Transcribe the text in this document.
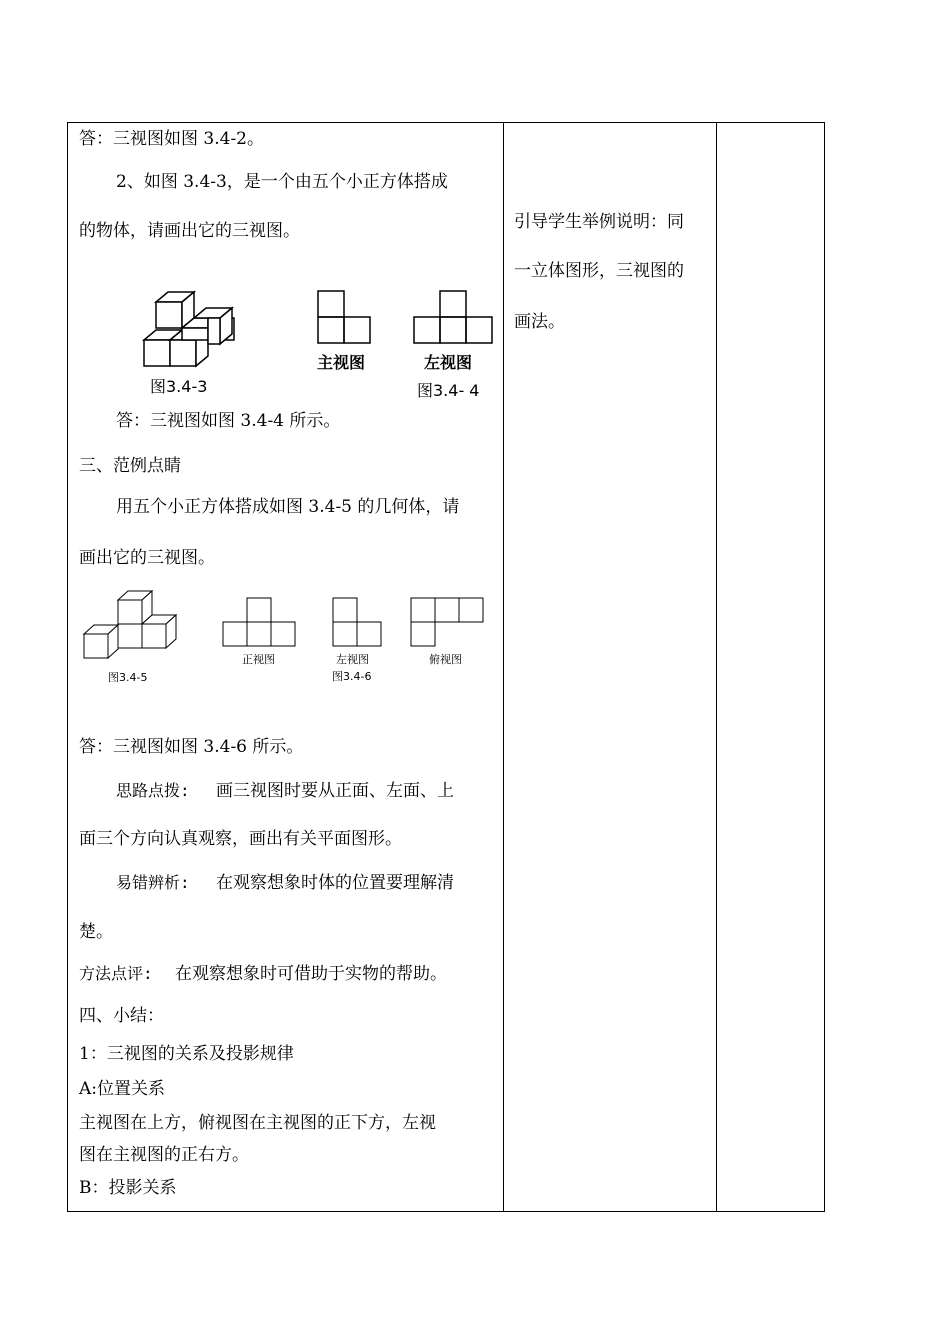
答：三视图如图 3.4-2。
2、如图 3.4-3，是一个由五个小正方体搭成
的物体，请画出它的三视图。
图3.4-3
主视图	左视图
图3.4- 4
答：三视图如图 3.4-4 所示。
三、范例点睛
用五个小正方体搭成如图 3.4-5 的几何体，请
画出它的三视图。
图3.4-5
正视图	左视图	俯视图
图3.4-6
答：三视图如图 3.4-6 所示。
思路点拨: 画三视图时要从正面、左面、上
面三个方向认真观察，画出有关平面图形。
易错辨析: 在观察想象时体的位置要理解清
楚。
方法点评: 在观察想象时可借助于实物的帮助。
四、小结：
1：三视图的关系及投影规律
A:位置关系
主视图在上方，俯视图在主视图的正下方，左视
图在主视图的正右方。
B：投影关系
引导学生举例说明：同
一立体图形，三视图的
画法。
